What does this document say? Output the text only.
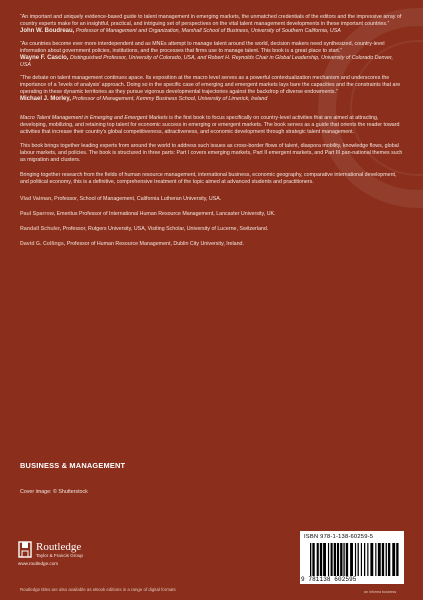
“An important and uniquely evidence-based guide to talent management in emerging markets, the unmatched credentials of the editors and the impressive array of country experts make for an insightful, practical, and intriguing set of perspectives on the vital talent management developments in these important countries.”

John W. Boudreau, Professor of Management and Organization, Marshall School of Business, University of Southern California, USA

“As countries become ever more interdependent and as MNEs attempt to manage talent around the world, decision makers need synthesized, country-level information about government policies, institutions, and the processes that firms use to manage talent. This book is a great place to start.”

Wayne F. Cascio, Distinguished Professor, University of Colorado, USA, and Robert H. Reynolds Chair in Global Leadership, University of Colorado Denver, USA

“The debate on talent management continues apace. Its exposition at the macro level serves as a powerful contextualization mechanism and underscores the importance of a ‘levels of analysis’ approach. Doing so in the specific case of emerging and emergent markets lays bare the capacities and the constraints that are operating in these dynamic territories as they pursue vigorous developmental trajectories against the backdrop of diverse endowments.”

Michael J. Morley, Professor of Management, Kemmy Business School, University of Limerick, Ireland

Macro Talent Management in Emerging and Emergent Markets is the first book to focus specifically on country-level activities that are aimed at attracting, developing, mobilizing, and retaining top talent for economic success in emerging or emergent markets. The book serves as a guide that orients the reader toward activities that increase their country’s global competitiveness, attractiveness, and economic development through strategic talent management.

This book brings together leading experts from around the world to address such issues as cross-border flows of talent, diaspora mobility, knowledge flows, global labour markets, and policies. The book is structured in three parts: Part I covers emerging markets, Part II emergent markets, and Part III pan-national themes such as migration and clusters.

Bringing together research from the fields of human resource management, international business, economic geography, comparative international development, and political economy, this is a definitive, comprehensive treatment of the topic aimed at advanced students and practitioners.

Vlad Vaiman, Professor, School of Management, California Lutheran University, USA.

Paul Sparrow, Emeritus Professor of International Human Resource Management, Lancaster University, UK.

Randall Schuler, Professor, Rutgers University, USA, Visiting Scholar, University of Lucerne, Switzerland.

David G. Collings, Professor of Human Resource Management, Dublin City University, Ireland.

BUSINESS & MANAGEMENT
Cover image: © Shutterstock
Routledge
Taylor & Francis Group
www.routledge.com
Routledge titles are also available as eBook editions in a range of digital formats
ISBN 978-1-138-60259-5
9 781138 602595
an informa business
